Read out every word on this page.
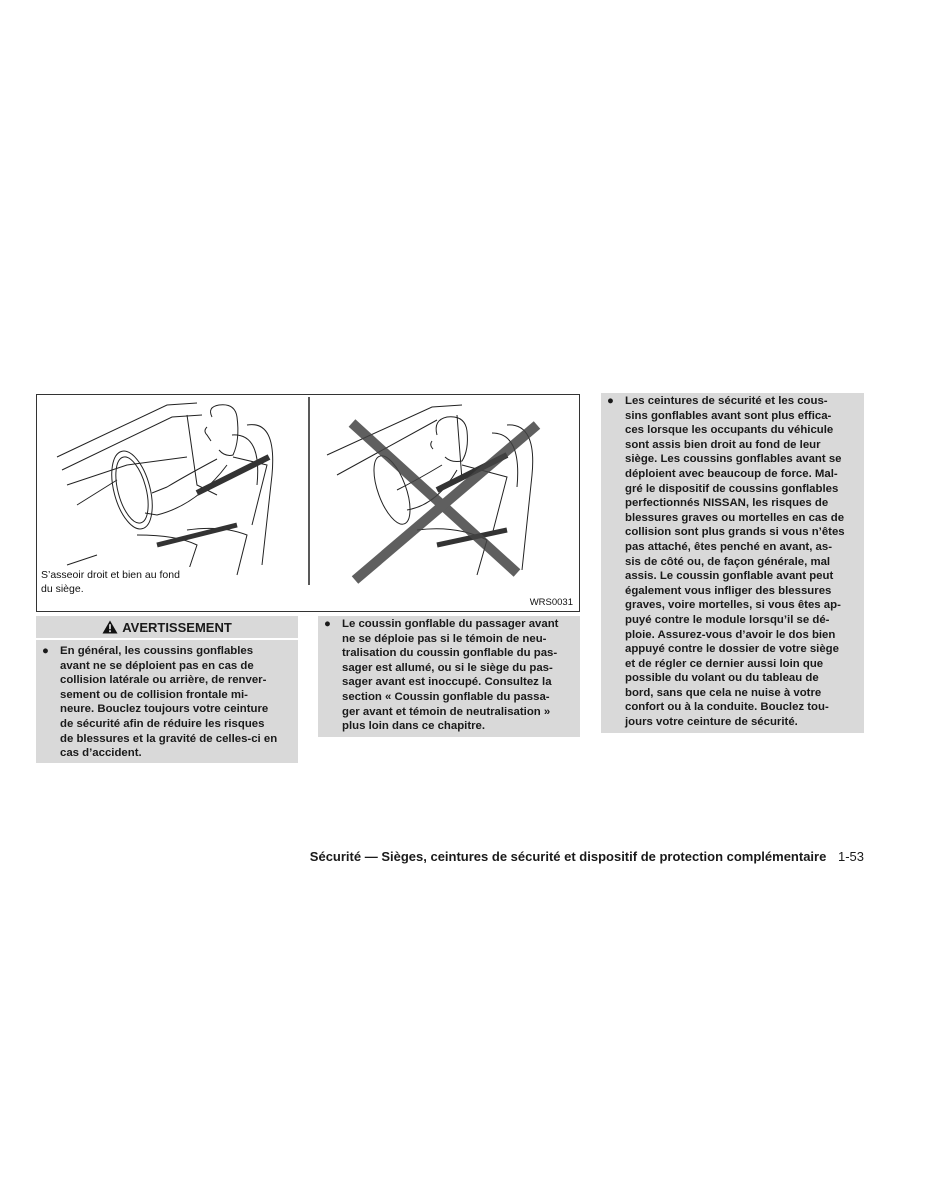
S’asseoir droit et bien au fond
du siège.
WRS0031
AVERTISSEMENT
● En général, les coussins gonflables
avant ne se déploient pas en cas de
collision latérale ou arrière, de renver-
sement ou de collision frontale mi-
neure. Bouclez toujours votre ceinture
de sécurité afin de réduire les risques
de blessures et la gravité de celles-ci en
cas d’accident.
● Le coussin gonflable du passager avant
ne se déploie pas si le témoin de neu-
tralisation du coussin gonflable du pas-
sager est allumé, ou si le siège du pas-
sager avant est inoccupé. Consultez la
section « Coussin gonflable du passa-
ger avant et témoin de neutralisation »
plus loin dans ce chapitre.
● Les ceintures de sécurité et les cous-
sins gonflables avant sont plus effica-
ces lorsque les occupants du véhicule
sont assis bien droit au fond de leur
siège. Les coussins gonflables avant se
déploient avec beaucoup de force. Mal-
gré le dispositif de coussins gonflables
perfectionnés NISSAN, les risques de
blessures graves ou mortelles en cas de
collision sont plus grands si vous n’êtes
pas attaché, êtes penché en avant, as-
sis de côté ou, de façon générale, mal
assis. Le coussin gonflable avant peut
également vous infliger des blessures
graves, voire mortelles, si vous êtes ap-
puyé contre le module lorsqu’il se dé-
ploie. Assurez-vous d’avoir le dos bien
appuyé contre le dossier de votre siège
et de régler ce dernier aussi loin que
possible du volant ou du tableau de
bord, sans que cela ne nuise à votre
confort ou à la conduite. Bouclez tou-
jours votre ceinture de sécurité.
Sécurité — Sièges, ceintures de sécurité et dispositif de protection complémentaire 1-53
